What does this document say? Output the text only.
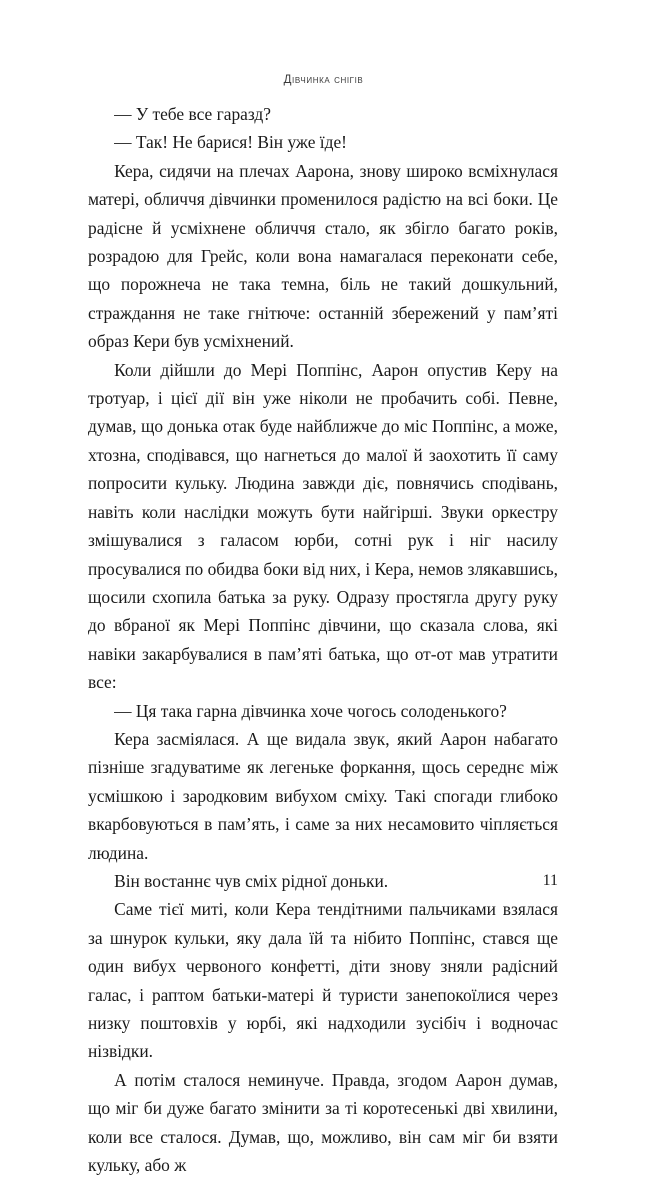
Дівчинка снігів

— У тебе все гаразд?

— Так! Не барися! Він уже їде!

Кера, сидячи на плечах Аарона, знову широко всміхнулася матері, обличчя дівчинки променилося радістю на всі боки. Це радісне й усміхнене обличчя стало, як збігло багато років, розрадою для Грейс, коли вона намагалася переконати себе, що порожнеча не така темна, біль не такий дошкульний, страждання не таке гнітюче: останній збережений у пам’яті образ Кери був усміхнений.

Коли дійшли до Мері Поппінс, Аарон опустив Керу на тротуар, і цієї дії він уже ніколи не пробачить собі. Певне, думав, що донька отак буде найближче до міс Поппінс, а може, хтозна, сподівався, що нагнеться до малої й заохотить її саму попросити кульку. Людина завжди діє, повнячись сподівань, навіть коли наслідки можуть бути найгірші. Звуки оркестру змішувалися з галасом юрби, сотні рук і ніг насилу просувалися по обидва боки від них, і Кера, немов злякавшись, щосили схопила батька за руку. Одразу простягла другу руку до вбраної як Мері Поппінс дівчини, що сказала слова, які навіки закарбувалися в пам’яті батька, що от-от мав утратити все:

— Ця така гарна дівчинка хоче чогось солоденького?

Кера засміялася. А ще видала звук, який Аарон набагато пізніше згадуватиме як легеньке форкання, щось середнє між усмішкою і зародковим вибухом сміху. Такі спогади глибоко вкарбовуються в пам’ять, і саме за них несамовито чіпляється людина.

Він востаннє чув сміх рідної доньки.

Саме тієї миті, коли Кера тендітними пальчиками взялася за шнурок кульки, яку дала їй та нібито Поппінс, стався ще один вибух червоного конфетті, діти знову зняли радісний галас, і раптом батьки-матері й туристи занепокоїлися через низку поштовхів у юрбі, які надходили зусібіч і водночас нізвідки.

А потім сталося неминуче. Правда, згодом Аарон думав, що міг би дуже багато змінити за ті коротесенькі дві хвилини, коли все сталося. Думав, що, можливо, він сам міг би взяти кульку, або ж

11
